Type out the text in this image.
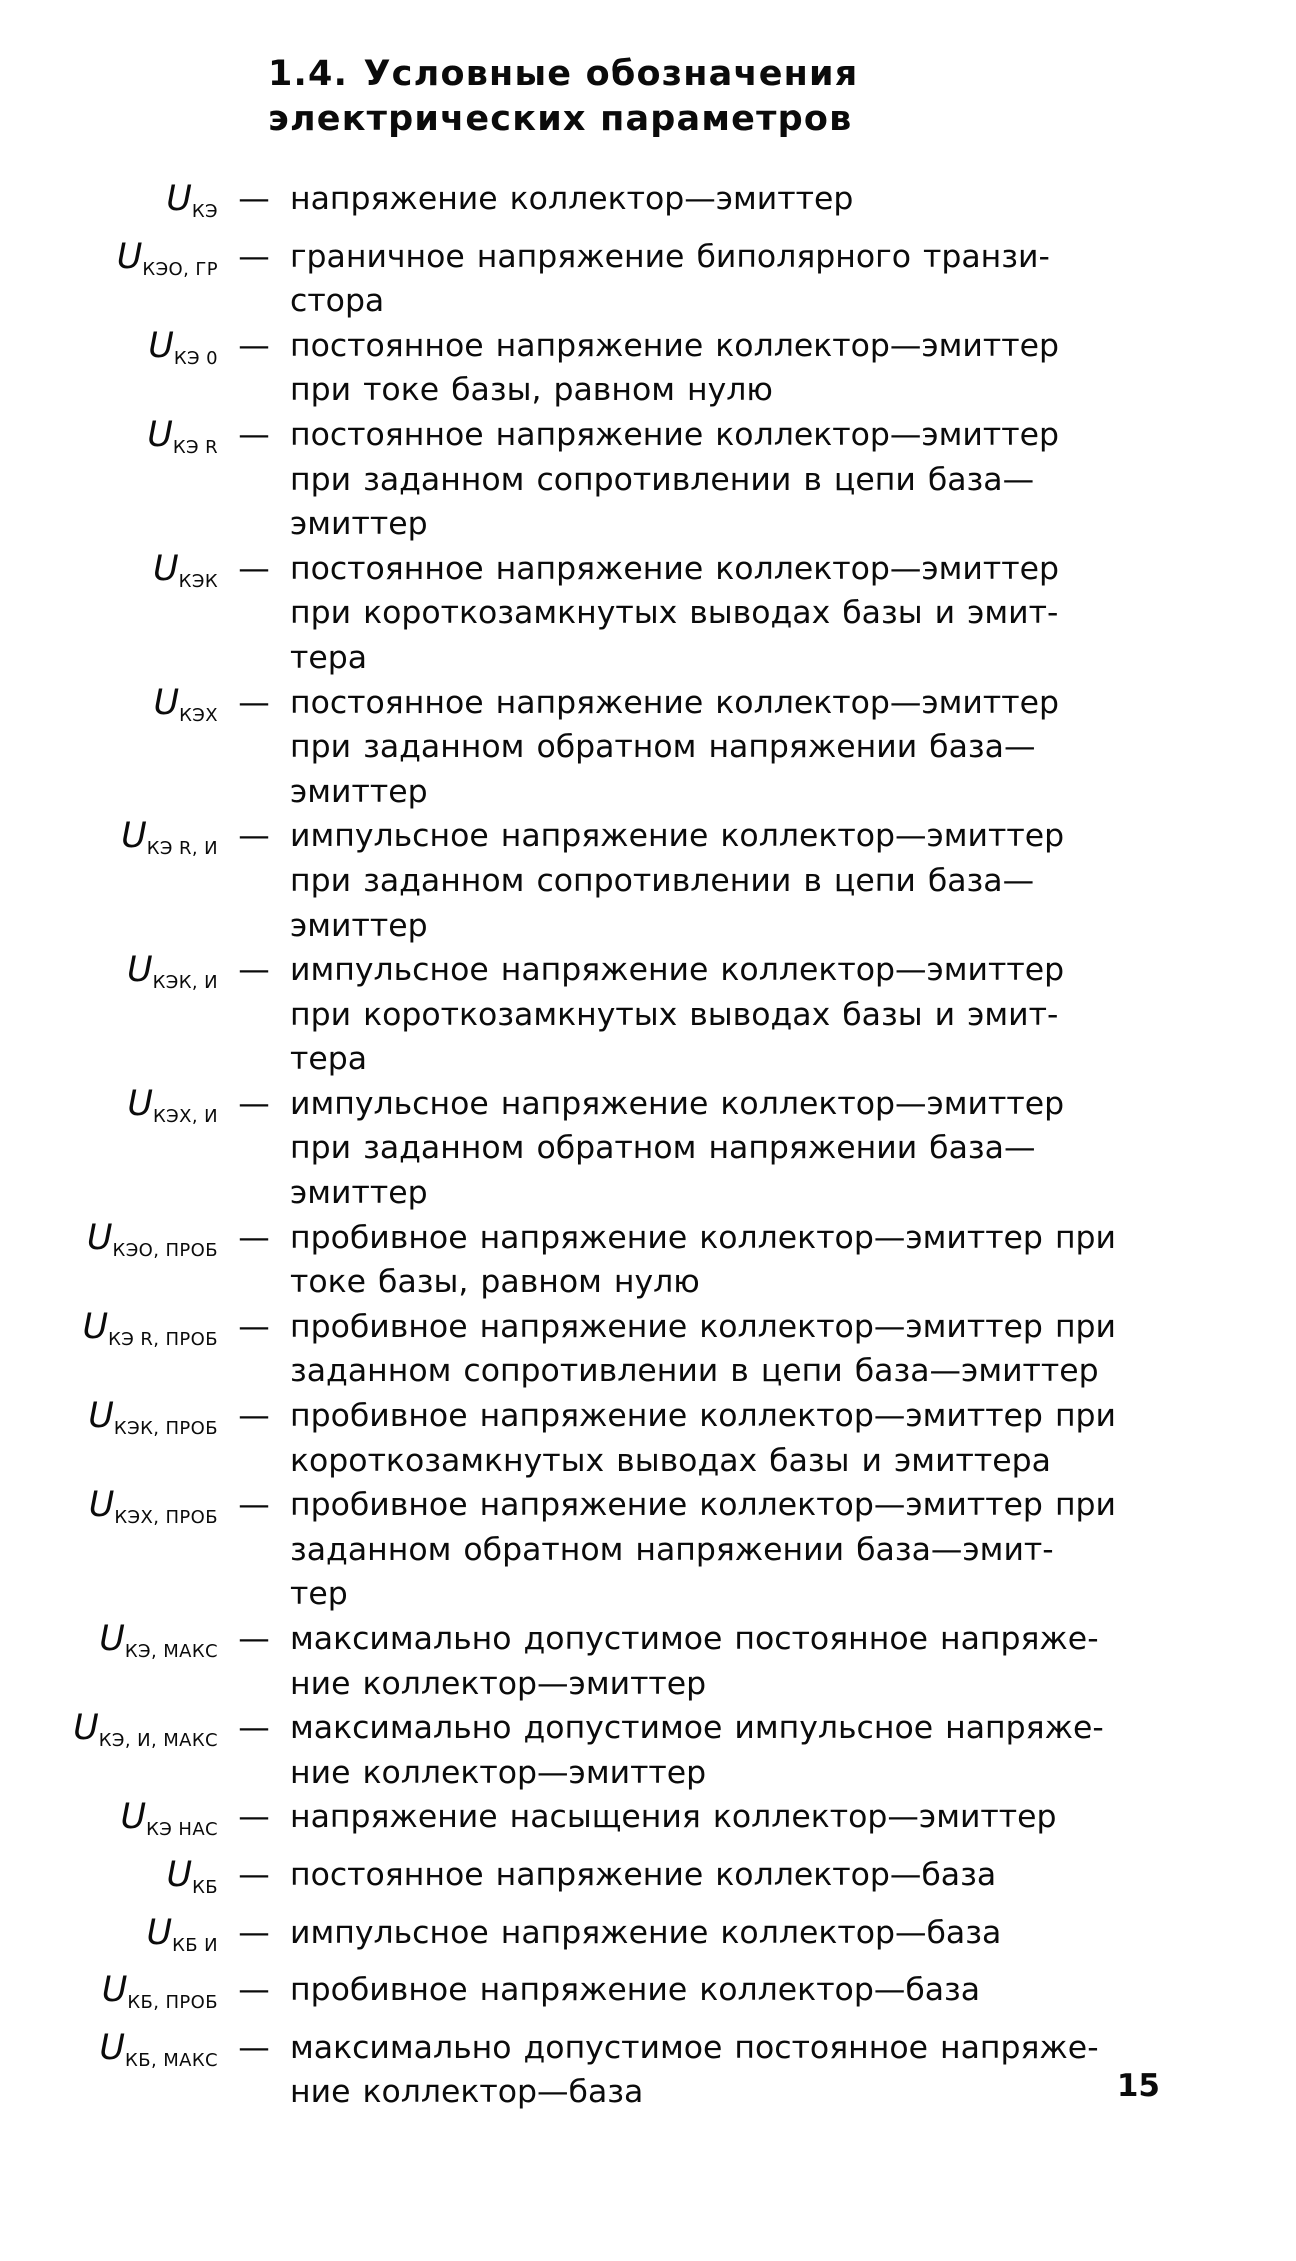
1.4. Условные обозначения
электрических параметров
$U_{КЭ}$ — напряжение коллектор—эмиттер
$U_{КЭО, ГР}$ — граничное напряжение биполярного транзи-
стора
$U_{КЭ 0}$ — постоянное напряжение коллектор—эмиттер
при токе базы, равном нулю
$U_{КЭ R}$ — постоянное напряжение коллектор—эмиттер
при заданном сопротивлении в цепи база—
эмиттер
$U_{КЭК}$ — постоянное напряжение коллектор—эмиттер
при короткозамкнутых выводах базы и эмит-
тера
$U_{КЭХ}$ — постоянное напряжение коллектор—эмиттер
при заданном обратном напряжении база—
эмиттер
$U_{КЭ R, И}$ — импульсное напряжение коллектор—эмиттер
при заданном сопротивлении в цепи база—
эмиттер
$U_{КЭК, И}$ — импульсное напряжение коллектор—эмиттер
при короткозамкнутых выводах базы и эмит-
тера
$U_{КЭХ, И}$ — импульсное напряжение коллектор—эмиттер
при заданном обратном напряжении база—
эмиттер
$U_{КЭО, ПРОБ}$ — пробивное напряжение коллектор—эмиттер при
токе базы, равном нулю
$U_{КЭ R, ПРОБ}$ — пробивное напряжение коллектор—эмиттер при
заданном сопротивлении в цепи база—эмиттер
$U_{КЭК, ПРОБ}$ — пробивное напряжение коллектор—эмиттер при
короткозамкнутых выводах базы и эмиттера
$U_{КЭХ, ПРОБ}$ — пробивное напряжение коллектор—эмиттер при
заданном обратном напряжении база—эмит-
тер
$U_{КЭ, МАКС}$ — максимально допустимое постоянное напряже-
ние коллектор—эмиттер
$U_{КЭ, И, МАКС}$ — максимально допустимое импульсное напряже-
ние коллектор—эмиттер
$U_{КЭ НАС}$ — напряжение насыщения коллектор—эмиттер
$U_{КБ}$ — постоянное напряжение коллектор—база
$U_{КБ И}$ — импульсное напряжение коллектор—база
$U_{КБ, ПРОБ}$ — пробивное напряжение коллектор—база
$U_{КБ, МАКС}$ — максимально допустимое постоянное напряже-
ние коллектор—база	15
